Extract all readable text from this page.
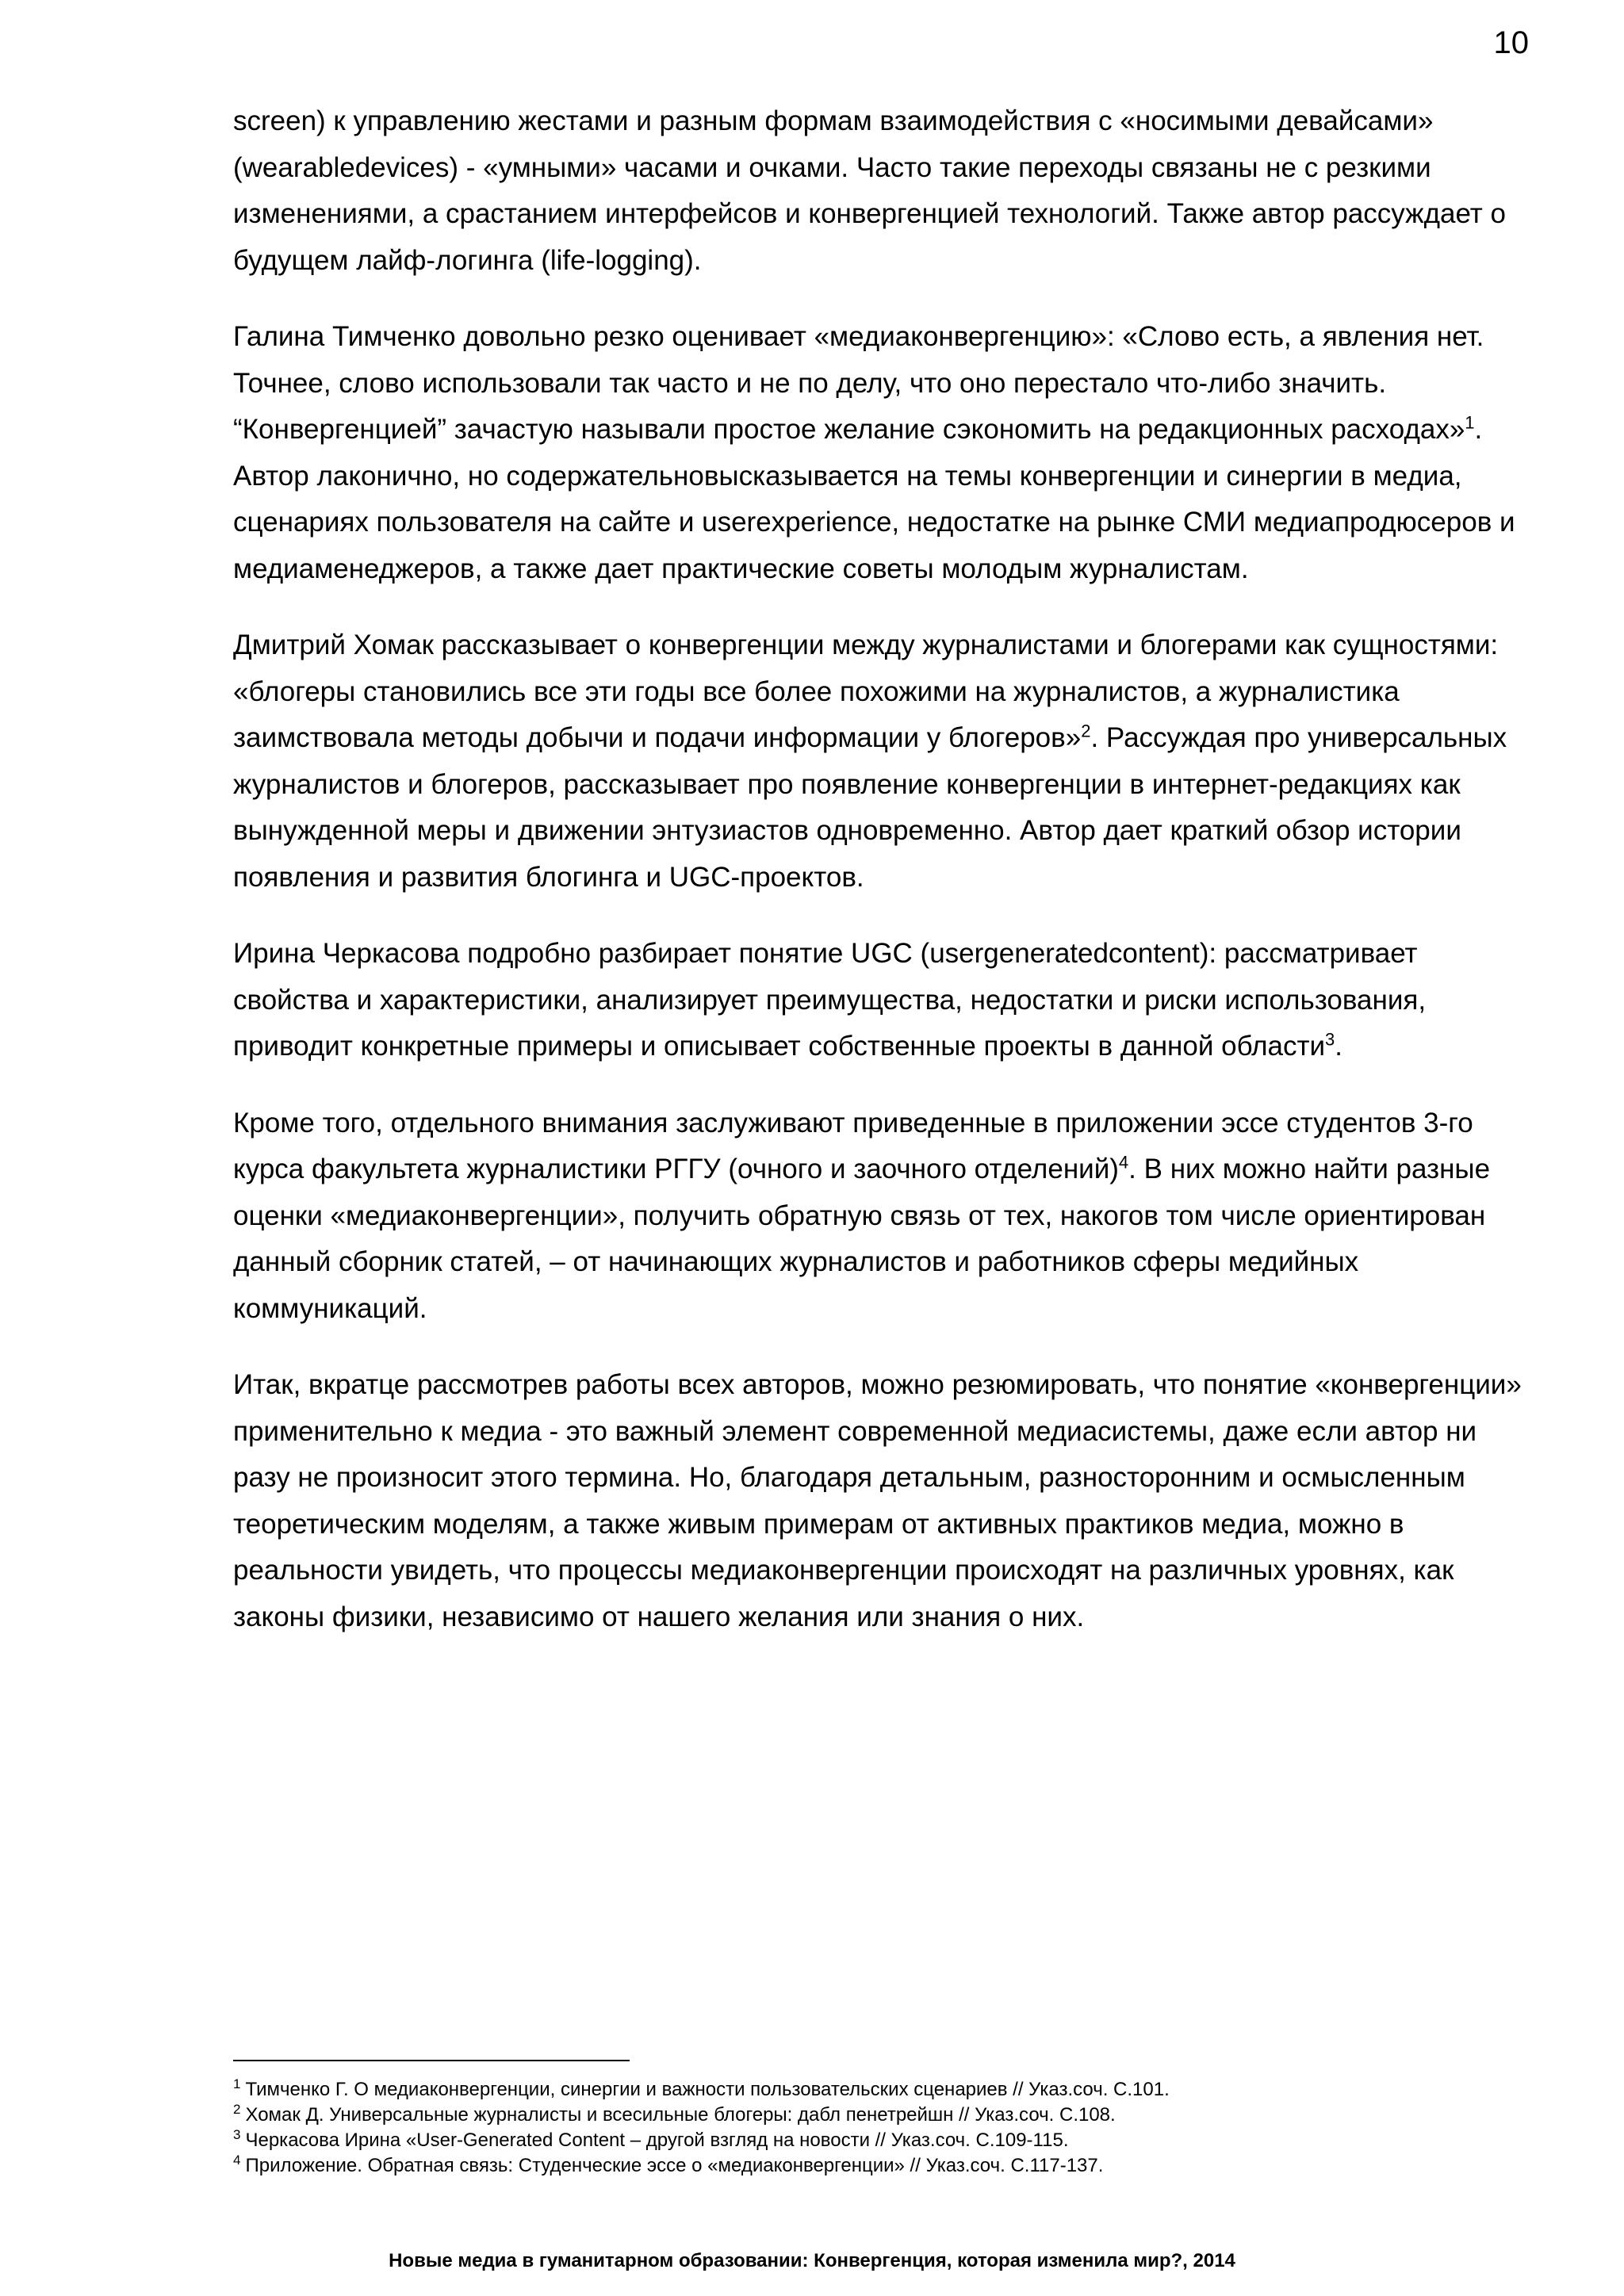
10

screen) к управлению жестами и разным формам взаимодействия с «носимыми девайсами» (wearabledevices) - «умными» часами и очками. Часто такие переходы связаны не с резкими изменениями, а срастанием интерфейсов и конвергенцией технологий. Также автор рассуждает о будущем лайф-логинга (life-logging).

Галина Тимченко довольно резко оценивает «медиаконвергенцию»: «Слово есть, а явления нет. Точнее, слово использовали так часто и не по делу, что оно перестало что-либо значить. “Конвергенцией” зачастую называли простое желание сэкономить на редакционных расходах»$^1$. Автор лаконично, но содержательновысказывается на темы конвергенции и синергии в медиа, сценариях пользователя на сайте и userexperience, недостатке на рынке СМИ медиапродюсеров и медиаменеджеров, а также дает практические советы молодым журналистам.

Дмитрий Хомак рассказывает о конвергенции между журналистами и блогерами как сущностями: «блогеры становились все эти годы все более похожими на журналистов, а журналистика заимствовала методы добычи и подачи информации у блогеров»$^2$. Рассуждая про универсальных журналистов и блогеров, рассказывает про появление конвергенции в интернет-редакциях как вынужденной меры и движении энтузиастов одновременно. Автор дает краткий обзор истории появления и развития блогинга и UGC-проектов.

Ирина Черкасова подробно разбирает понятие UGC (usergeneratedcontent): рассматривает свойства и характеристики, анализирует преимущества, недостатки и риски использования, приводит конкретные примеры и описывает собственные проекты в данной области$^3$.

Кроме того, отдельного внимания заслуживают приведенные в приложении эссе студентов 3-го курса факультета журналистики РГГУ (очного и заочного отделений)$^4$. В них можно найти разные оценки «медиаконвергенции», получить обратную связь от тех, накогов том числе ориентирован данный сборник статей, – от начинающих журналистов и работников сферы медийных коммуникаций.

Итак, вкратце рассмотрев работы всех авторов, можно резюмировать, что понятие «конвергенции» применительно к медиа - это важный элемент современной медиасистемы, даже если автор ни разу не произносит этого термина. Но, благодаря детальным, разносторонним и осмысленным теоретическим моделям, а также живым примерам от активных практиков медиа, можно в реальности увидеть, что процессы медиаконвергенции происходят на различных уровнях, как законы физики, независимо от нашего желания или знания о них.

$^1$ Тимченко Г. О медиаконвергенции, синергии и важности пользовательских сценариев // Указ.соч. С.101.

$^2$ Хомак Д. Универсальные журналисты и всесильные блогеры: дабл пенетрейшн // Указ.соч. С.108.

$^3$ Черкасова Ирина «User-Generated Content – другой взгляд на новости // Указ.соч. С.109-115.

$^4$ Приложение. Обратная связь: Студенческие эссе о «медиаконвергенции» // Указ.соч. С.117-137.

Новые медиа в гуманитарном образовании: Конвергенция, которая изменила мир?, 2014
